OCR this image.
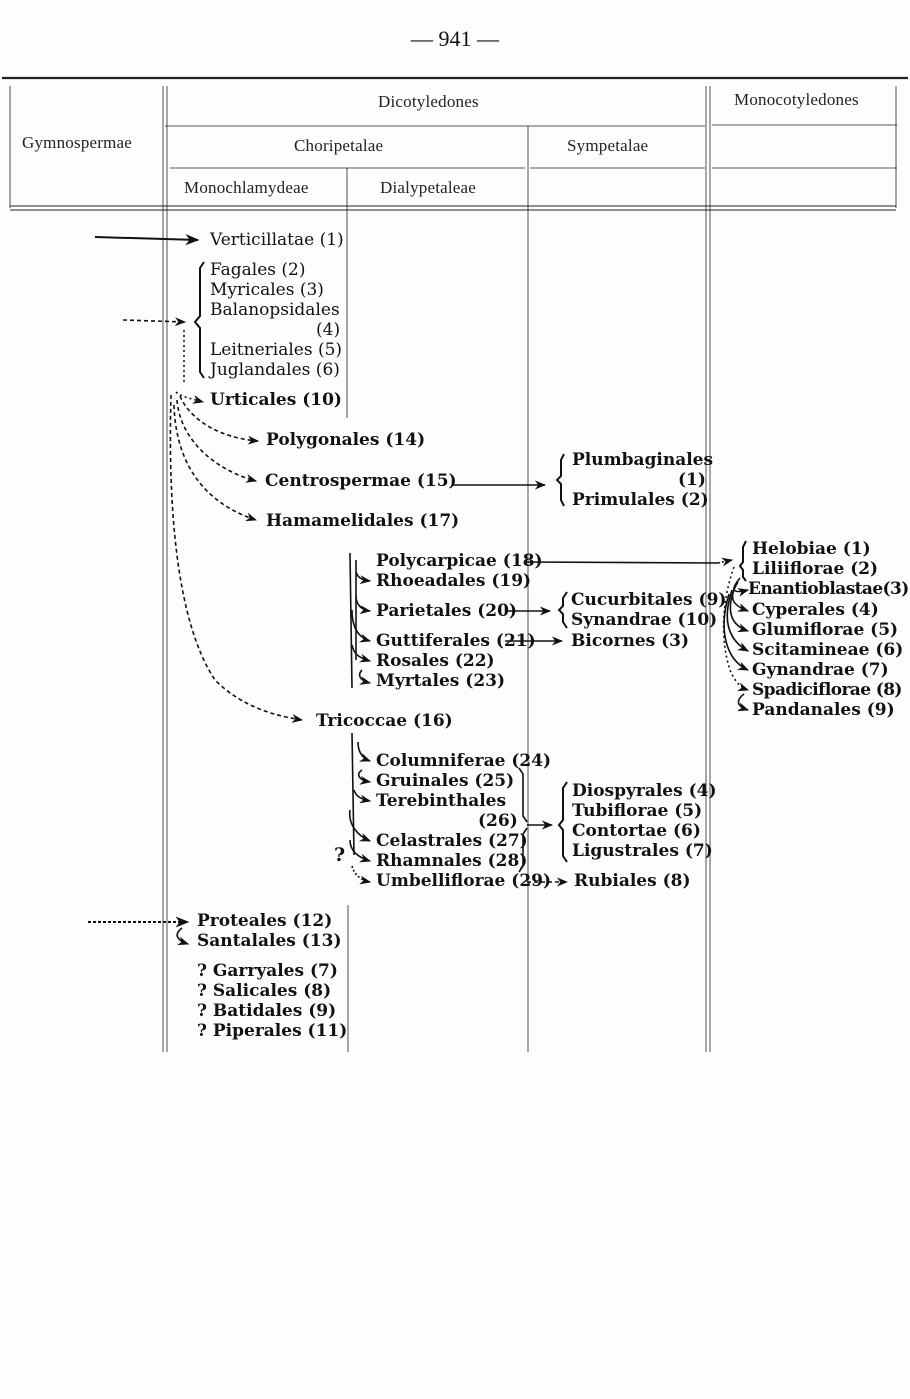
— 941 —
Gymnospermae
Dicotyledones	Monocotyledones
Choripetalae	Sympetalae
Monochlamydeae	Dialypetaleae
Verticillatae (1)
Fagales (2)
Myricales (3)
Balanopsidales
(4)
Leitneriales (5)
Juglandales (6)
Urticales (10)
Polygonales (14)
Centrospermae (15)
Hamamelidales (17)
Proteales (12)
Santalales (13)
? Garryales (7)
? Salicales (8)
? Batidales (9)
? Piperales (11)
Polycarpicae (18)
Rhoeadales (19)
Parietales (20)
Guttiferales (21)
Rosales (22)
Myrtales (23)
Tricoccae (16)
Columniferae (24)
Gruinales (25)
Terebinthales
(26)
Celastrales (27)
Rhamnales (28)
Umbelliflorae (29)
?
Plumbaginales
(1)
Primulales (2)
Cucurbitales (9)
Synandrae (10)
Bicornes (3)
Diospyrales (4)
Tubiflorae (5)
Contortae (6)
Ligustrales (7)
Rubiales (8)
Helobiae (1)
Liliiflorae (2)
Enantioblastae(3)
Cyperales (4)
Glumiflorae (5)
Scitamineae (6)
Gynandrae (7)
Spadiciflorae (8)
Pandanales (9)
